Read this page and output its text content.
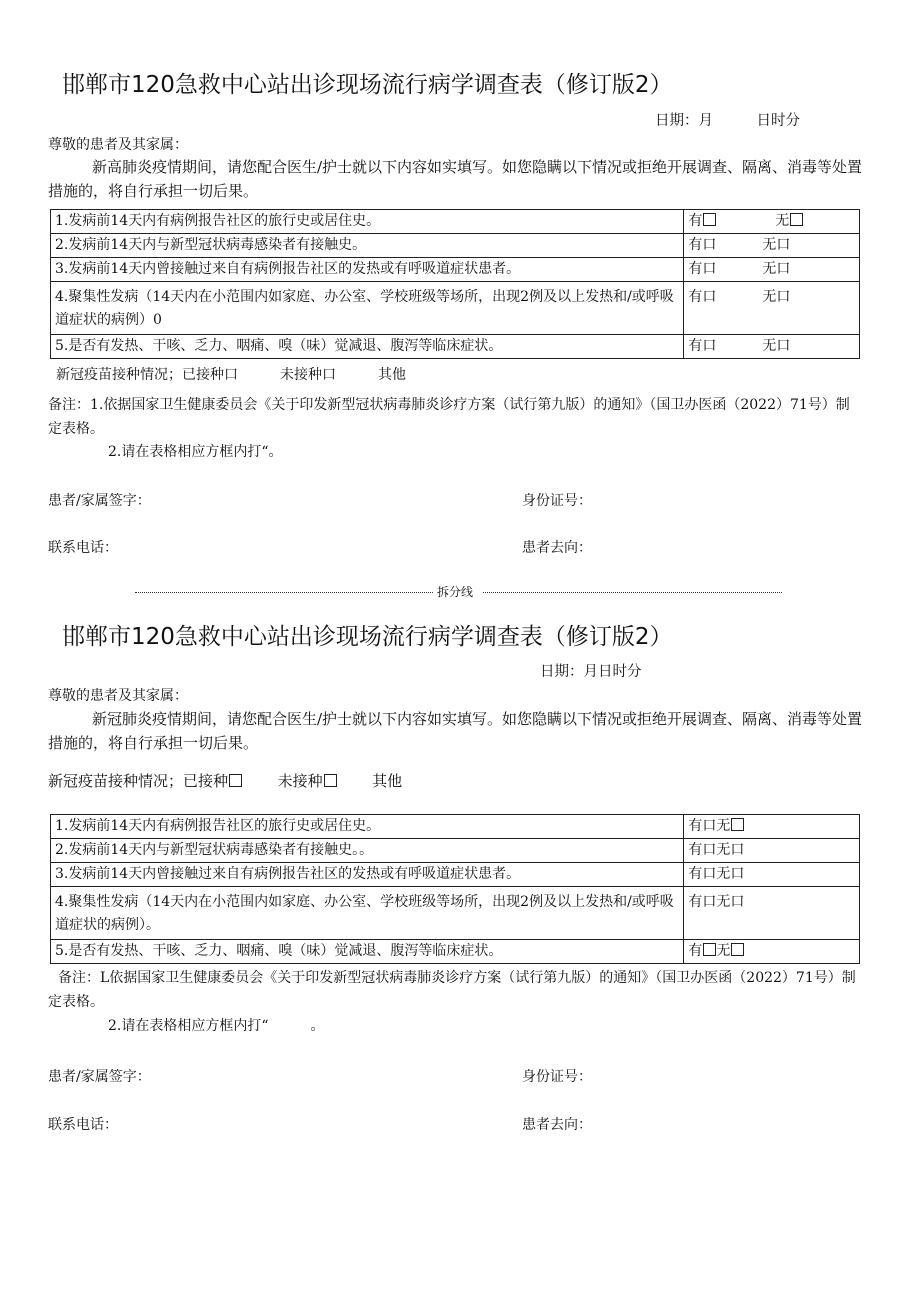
邯郸市120急救中心站出诊现场流行病学调查表（修订版2）
日期：月　　　日时分
尊敬的患者及其家属：
新高肺炎疫情期间，请您配合医生/护士就以下内容如实填写。如您隐瞒以下情况或拒绝开展调查、隔离、消毒等处置措施的，将自行承担一切后果。
1.发病前14天内有病例报告社区的旅行史或居住史。	有 无
2.发病前14天内与新型冠状病毒感染者有接触史。	有口 无口
3.发病前14天内曾接触过来自有病例报告社区的发热或有呼吸道症状患者。	有口 无口
4.聚集性发病（14天内在小范围内如家庭、办公室、学校班级等场所，出现2例及以上发热和/或呼吸道症状的病例）0	有口 无口
5.是否有发热、干咳、乏力、咽痛、嗅（味）觉减退、腹泻等临床症状。	有口 无口
新冠疫苗接种情况；已接种口　　　未接种口　　　其他
备注：1.依据国家卫生健康委员会《关于印发新型冠状病毒肺炎诊疗方案（试行第九版）的通知》（国卫办医函（2022）71号）制定表格。
2.请在表格相应方框内打“。
患者/家属签字：	身份证号：
联系电话：	患者去向：
拆分线
邯郸市120急救中心站出诊现场流行病学调查表（修订版2）
日期：月日时分
尊敬的患者及其家属：
新冠肺炎疫情期间，请您配合医生/护士就以下内容如实填写。如您隐瞒以下情况或拒绝开展调查、隔离、消毒等处置措施的，将自行承担一切后果。
新冠疫苗接种情况；已接种	未接种	其他
1.发病前14天内有病例报告社区的旅行史或居住史。	有口无
2.发病前14天内与新型冠状病毒感染者有接触史。。	有口无口
3.发病前14天内曾接触过来自有病例报告社区的发热或有呼吸道症状患者。	有口无口
4.聚集性发病（14天内在小范围内如家庭、办公室、学校班级等场所，出现2例及以上发热和/或呼吸道症状的病例）。	有口无口
5.是否有发热、干咳、乏力、咽痛、嗅（味）觉减退、腹泻等临床症状。	有 无
备注：L依据国家卫生健康委员会《关于印发新型冠状病毒肺炎诊疗方案（试行第九版）的通知》（国卫办医函（2022）71号）制定表格。
2.请在表格相应方框内打“　　　。
患者/家属签字：	身份证号：
联系电话：	患者去向：
